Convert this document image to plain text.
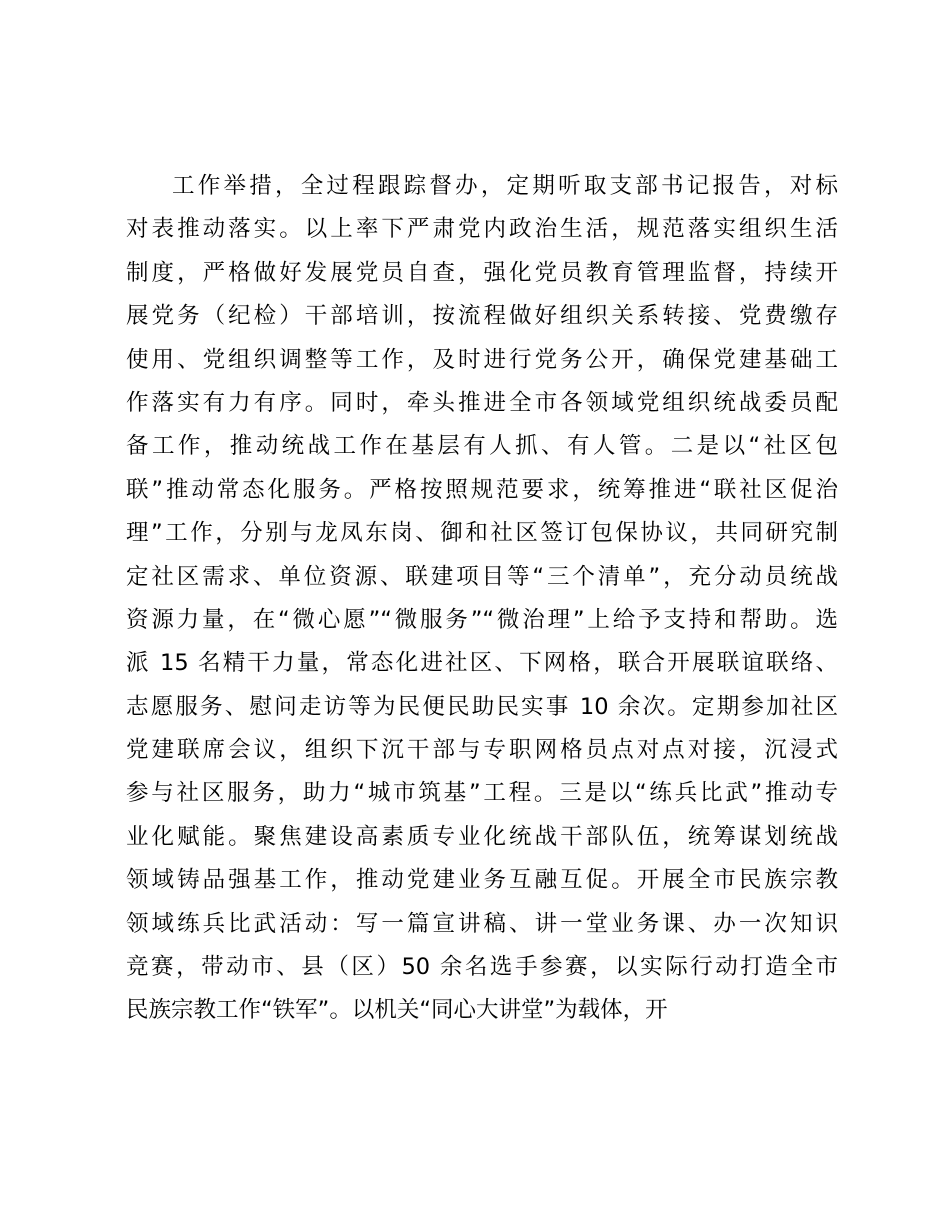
工作举措，全过程跟踪督办，定期听取支部书记报告，对标
对表推动落实。以上率下严肃党内政治生活，规范落实组织生活
制度，严格做好发展党员自查，强化党员教育管理监督，持续开
展党务（纪检）干部培训，按流程做好组织关系转接、党费缴存
使用、党组织调整等工作，及时进行党务公开，确保党建基础工
作落实有力有序。同时，牵头推进全市各领域党组织统战委员配
备工作，推动统战工作在基层有人抓、有人管。二是以“社区包
联”推动常态化服务。严格按照规范要求，统筹推进“联社区促治
理”工作，分别与龙凤东岗、御和社区签订包保协议，共同研究制
定社区需求、单位资源、联建项目等“三个清单”，充分动员统战
资源力量，在“微心愿”“微服务”“微治理”上给予支持和帮助。选
派 15 名精干力量，常态化进社区、下网格，联合开展联谊联络、
志愿服务、慰问走访等为民便民助民实事 10 余次。定期参加社区
党建联席会议，组织下沉干部与专职网格员点对点对接，沉浸式
参与社区服务，助力“城市筑基”工程。三是以“练兵比武”推动专
业化赋能。聚焦建设高素质专业化统战干部队伍，统筹谋划统战
领域铸品强基工作，推动党建业务互融互促。开展全市民族宗教
领域练兵比武活动：写一篇宣讲稿、讲一堂业务课、办一次知识
竞赛，带动市、县（区）50 余名选手参赛，以实际行动打造全市
民族宗教工作“铁军”。以机关“同心大讲堂”为载体，开
